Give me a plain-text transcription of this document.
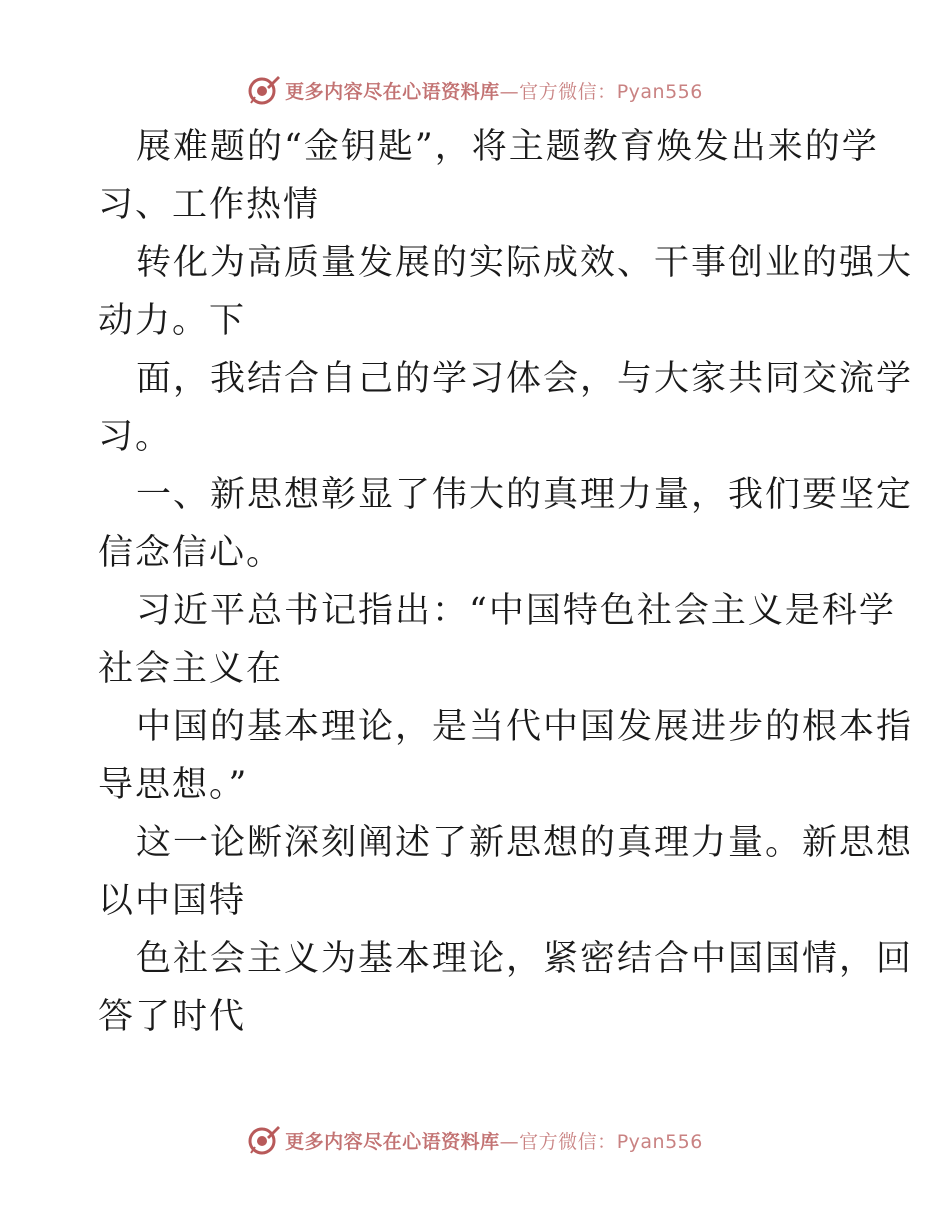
更多内容尽在心语资料库—官方微信：Pyan556

展难题的“金钥匙”，将主题教育焕发出来的学
习、工作热情

转化为高质量发展的实际成效、干事创业的强大
动力。下

面，我结合自己的学习体会，与大家共同交流学
习。

一、新思想彰显了伟大的真理力量，我们要坚定
信念信心。

习近平总书记指出：“中国特色社会主义是科学
社会主义在

中国的基本理论，是当代中国发展进步的根本指
导思想。”

这一论断深刻阐述了新思想的真理力量。新思想
以中国特

色社会主义为基本理论，紧密结合中国国情，回
答了时代

更多内容尽在心语资料库—官方微信：Pyan556
